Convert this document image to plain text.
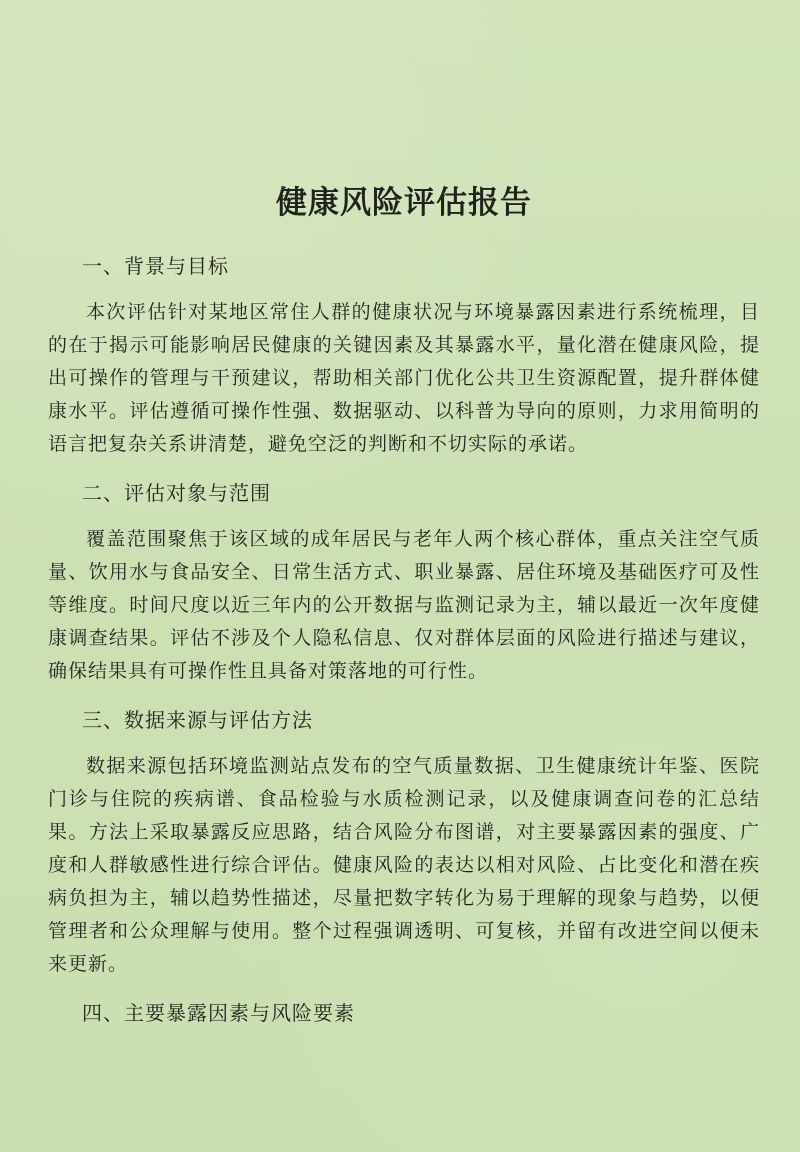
健康风险评估报告
一、背景与目标

本次评估针对某地区常住人群的健康状况与环境暴露因素进行系统梳理，目的在于揭示可能影响居民健康的关键因素及其暴露水平，量化潜在健康风险，提出可操作的管理与干预建议，帮助相关部门优化公共卫生资源配置，提升群体健康水平。评估遵循可操作性强、数据驱动、以科普为导向的原则，力求用简明的语言把复杂关系讲清楚，避免空泛的判断和不切实际的承诺。

二、评估对象与范围

覆盖范围聚焦于该区域的成年居民与老年人两个核心群体，重点关注空气质量、饮用水与食品安全、日常生活方式、职业暴露、居住环境及基础医疗可及性等维度。时间尺度以近三年内的公开数据与监测记录为主，辅以最近一次年度健康调查结果。评估不涉及个人隐私信息、仅对群体层面的风险进行描述与建议，确保结果具有可操作性且具备对策落地的可行性。

三、数据来源与评估方法

数据来源包括环境监测站点发布的空气质量数据、卫生健康统计年鉴、医院门诊与住院的疾病谱、食品检验与水质检测记录，以及健康调查问卷的汇总结果。方法上采取暴露反应思路，结合风险分布图谱，对主要暴露因素的强度、广度和人群敏感性进行综合评估。健康风险的表达以相对风险、占比变化和潜在疾病负担为主，辅以趋势性描述，尽量把数字转化为易于理解的现象与趋势，以便管理者和公众理解与使用。整个过程强调透明、可复核，并留有改进空间以便未来更新。

四、主要暴露因素与风险要素
